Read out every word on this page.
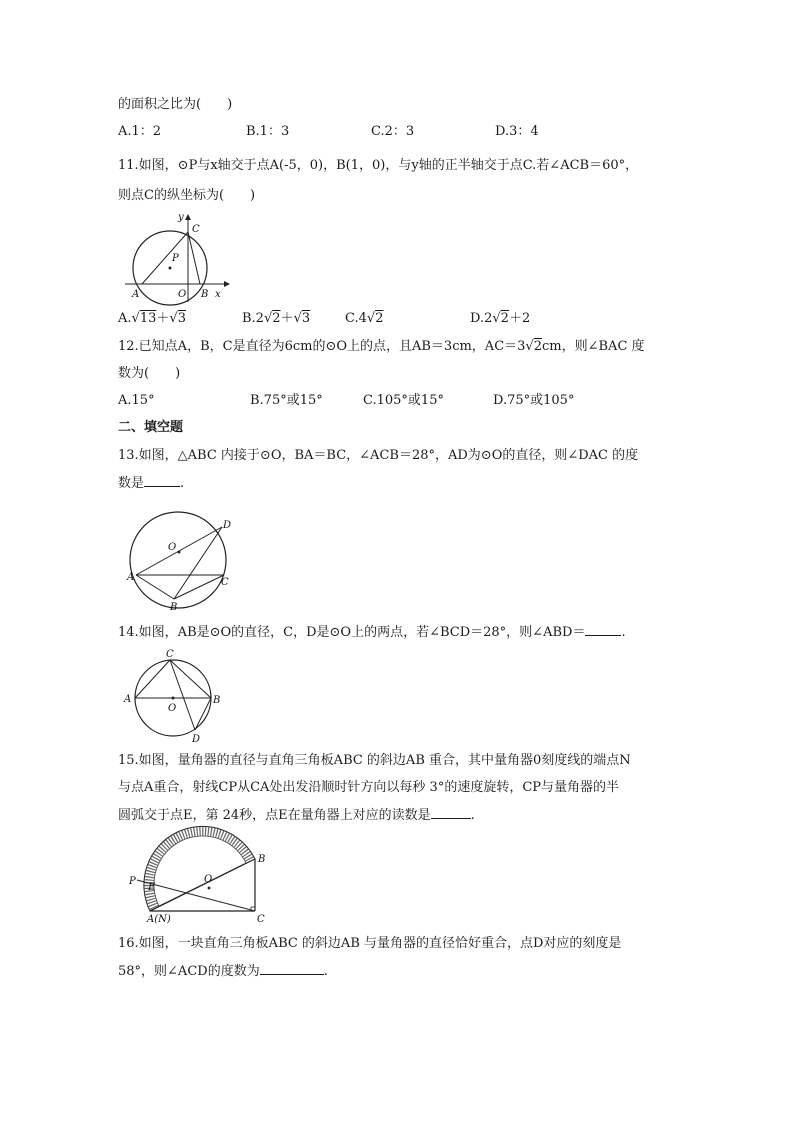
的面积之比为(　　)
A.1：2	B.1：3	C.2：3	D.3：4
11.如图，⊙P与x轴交于点A(-5，0)，B(1，0)，与y轴的正半轴交于点C.若∠ACB＝60°，
则点C的纵坐标为(　　)
y
C
P
A	O B x
A.√13＋√3	B.2√2＋√3	C.4√2	D.2√2＋2
12.已知点A，B，C是直径为6cm的⊙O上的点，且AB＝3cm，AC＝3√2cm，则∠BAC 度
数为(　　)
A.15°	B.75°或15°	C.105°或15°	D.75°或105°
二、填空题
13.如图，△ABC 内接于⊙O，BA＝BC，∠ACB＝28°，AD为⊙O的直径，则∠DAC 的度
数是	.
O
D
A	C
B
14.如图，AB是⊙O的直径，C，D是⊙O上的两点，若∠BCD＝28°，则∠ABD＝	.
C
A
O
B
D
15.如图，量角器的直径与直角三角板ABC 的斜边AB 重合，其中量角器0刻度线的端点N
与点A重合，射线CP从CA处出发沿顺时针方向以每秒 3°的速度旋转，CP与量角器的半
圆弧交于点E，第 24秒，点E在量角器上对应的读数是	.
P
E
O
B
A(N)	C
16.如图，一块直角三角板ABC 的斜边AB 与量角器的直径恰好重合，点D对应的刻度是
58°，则∠ACD的度数为	.
